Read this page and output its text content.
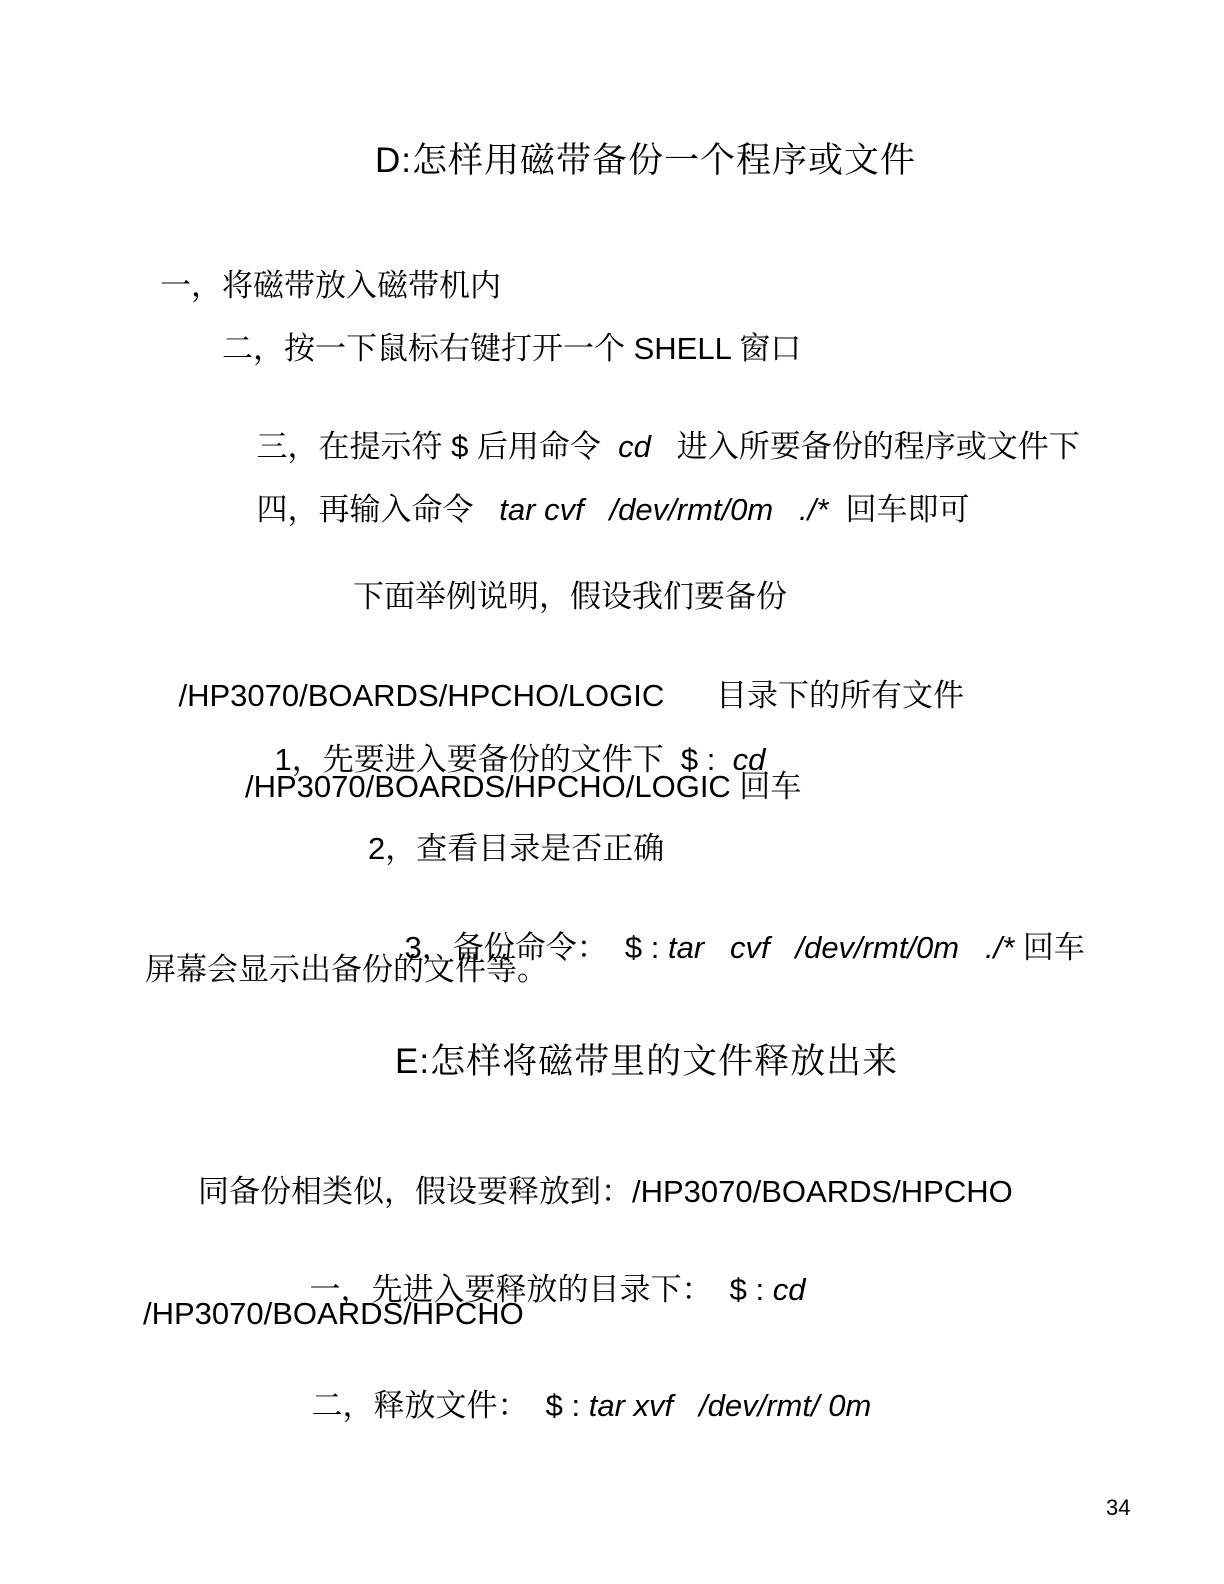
D:怎样用磁带备份一个程序或文件
一，将磁带放入磁带机内
二，按一下鼠标右键打开一个 SHELL 窗口

三，在提示符 $ 后用命令  cd   进入所要备份的程序或文件下

四，再输入命令   tar cvf   /dev/rmt/0m   ./*  回车即可

下面举例说明，假设我们要备份

/HP3070/BOARDS/HPCHO/LOGIC      目录下的所有文件

1，先要进入要备份的文件下  $ :  cd

/HP3070/BOARDS/HPCHO/LOGIC 回车
2，查看目录是否正确

3，备份命令：  $ : tar   cvf   /dev/rmt/0m   ./* 回车

屏幕会显示出备份的文件等。
E:怎样将磁带里的文件释放出来
同备份相类似，假设要释放到：/HP3070/BOARDS/HPCHO

一，先进入要释放的目录下：  $ : cd

/HP3070/BOARDS/HPCHO

二，释放文件：  $ : tar xvf   /dev/rmt/ 0m

34
